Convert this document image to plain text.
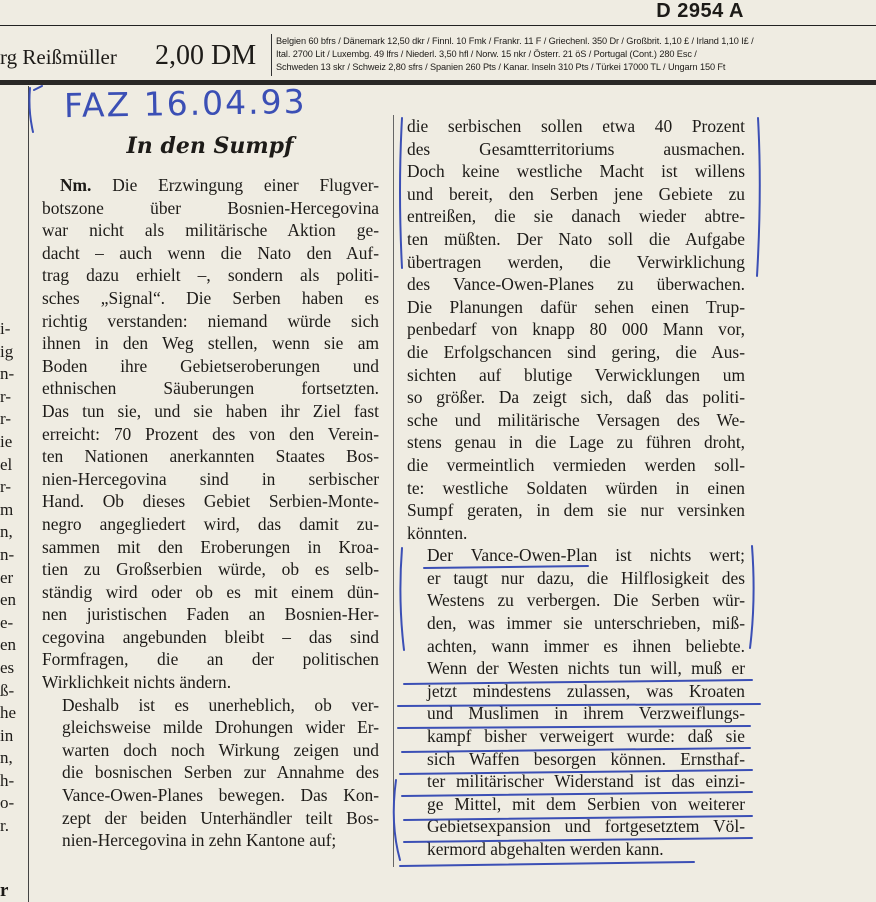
D 2954 A
rg Reißmüller 2,00 DM Belgien 60 bfrs / Dänemark 12,50 dkr / Finnl. 10 Fmk / Frankr. 11 F / Griechenl. 350 Dr / Großbrit. 1,10 £ / Irland 1,10 I£ /
Ital. 2700 Lit / Luxembg. 49 lfrs / Niederl. 3,50 hfl / Norw. 15 nkr / Österr. 21 öS / Portugal (Cont.) 280 Esc /
Schweden 13 skr / Schweiz 2,80 sfrs / Spanien 260 Pts / Kanar. Inseln 310 Pts / Türkei 17000 TL / Ungarn 150 Ft
i-
ig
n-
r-
r-
ie
el
r-
m
n,
n-
er
en
e-
en
es
ß-
he
in
n,
h-
o-
r.
r
FAZ 16.04.93
In den Sumpf

Nm. Die Erzwingung einer Flugver-
botszone über Bosnien-Hercegovina
war nicht als militärische Aktion ge-
dacht – auch wenn die Nato den Auf-
trag dazu erhielt –, sondern als politi-
sches „Signal“. Die Serben haben es
richtig verstanden: niemand würde sich
ihnen in den Weg stellen, wenn sie am
Boden ihre Gebietseroberungen und
ethnischen Säuberungen fortsetzten.
Das tun sie, und sie haben ihr Ziel fast
erreicht: 70 Prozent des von den Verein-
ten Nationen anerkannten Staates Bos-
nien-Hercegovina sind in serbischer
Hand. Ob dieses Gebiet Serbien-Monte-
negro angegliedert wird, das damit zu-
sammen mit den Eroberungen in Kroa-
tien zu Großserbien würde, ob es selb-
ständig wird oder ob es mit einem dün-
nen juristischen Faden an Bosnien-Her-
cegovina angebunden bleibt – das sind
Formfragen, die an der politischen
Wirklichkeit nichts ändern.

Deshalb ist es unerheblich, ob ver-
gleichsweise milde Drohungen wider Er-
warten doch noch Wirkung zeigen und
die bosnischen Serben zur Annahme des
Vance-Owen-Planes bewegen. Das Kon-
zept der beiden Unterhändler teilt Bos-
nien-Hercegovina in zehn Kantone auf;

die serbischen sollen etwa 40 Prozent
des Gesamtterritoriums ausmachen.
Doch keine westliche Macht ist willens
und bereit, den Serben jene Gebiete zu
entreißen, die sie danach wieder abtre-
ten müßten. Der Nato soll die Aufgabe
übertragen werden, die Verwirklichung
des Vance-Owen-Planes zu überwachen.
Die Planungen dafür sehen einen Trup-
penbedarf von knapp 80 000 Mann vor,
die Erfolgschancen sind gering, die Aus-
sichten auf blutige Verwicklungen um
so größer. Da zeigt sich, daß das politi-
sche und militärische Versagen des We-
stens genau in die Lage zu führen droht,
die vermeintlich vermieden werden soll-
te: westliche Soldaten würden in einen
Sumpf geraten, in dem sie nur versinken
könnten.

Der Vance-Owen-Plan ist nichts wert;
er taugt nur dazu, die Hilflosigkeit des
Westens zu verbergen. Die Serben wür-
den, was immer sie unterschrieben, miß-
achten, wann immer es ihnen beliebte.
Wenn der Westen nichts tun will, muß er
jetzt mindestens zulassen, was Kroaten
und Muslimen in ihrem Verzweiflungs-
kampf bisher verweigert wurde: daß sie
sich Waffen besorgen können. Ernsthaf-
ter militärischer Widerstand ist das einzi-
ge Mittel, mit dem Serbien von weiterer
Gebietsexpansion und fortgesetztem Völ-
kermord abgehalten werden kann.
